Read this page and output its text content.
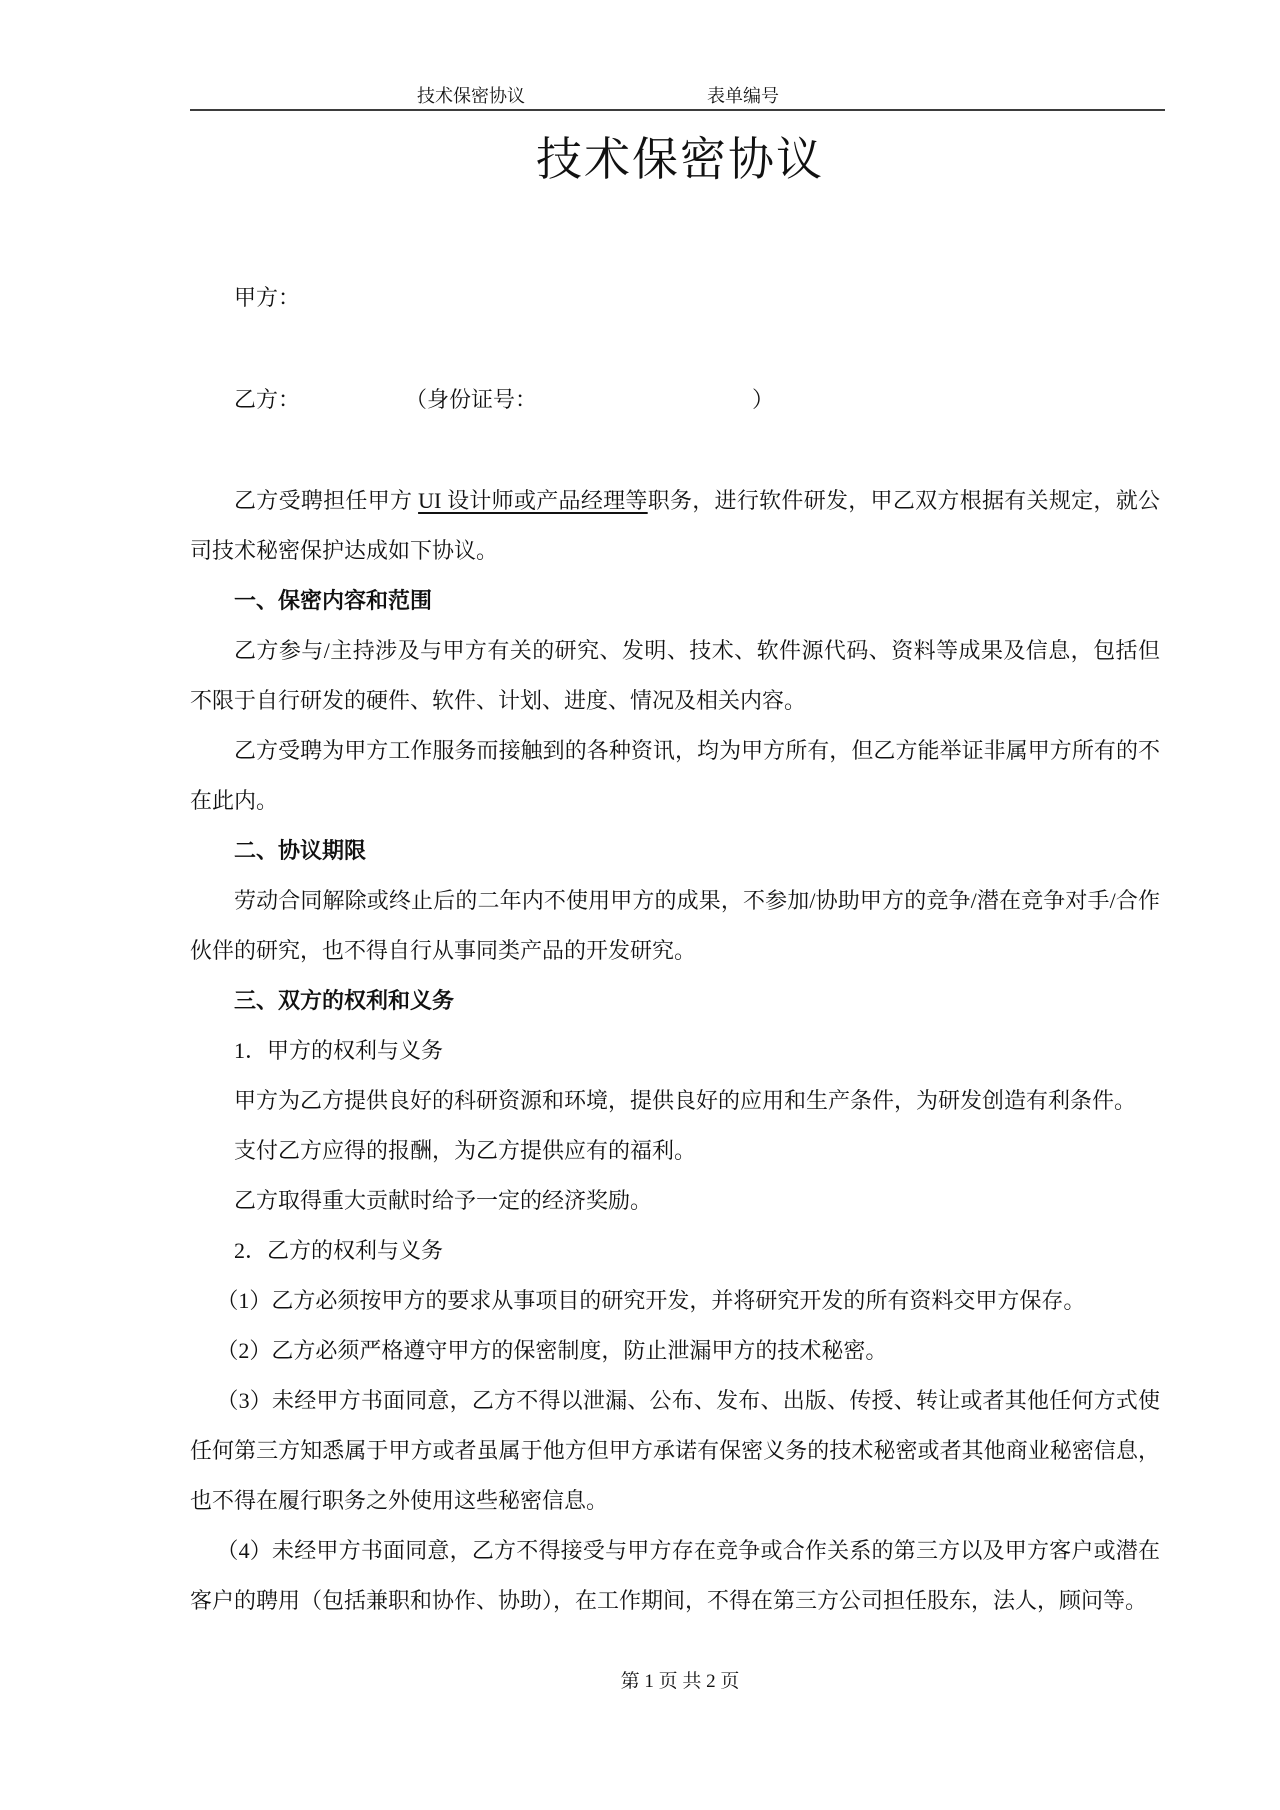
技术保密协议	表单编号
技术保密协议
甲方：
乙方：	（身份证号：	）

乙方受聘担任甲方 UI 设计师或产品经理等职务，进行软件研发，甲乙双方根据有关规定，就公司技术秘密保护达成如下协议。

一、保密内容和范围

乙方参与/主持涉及与甲方有关的研究、发明、技术、软件源代码、资料等成果及信息，包括但不限于自行研发的硬件、软件、计划、进度、情况及相关内容。

乙方受聘为甲方工作服务而接触到的各种资讯，均为甲方所有，但乙方能举证非属甲方所有的不在此内。

二、协议期限

劳动合同解除或终止后的二年内不使用甲方的成果，不参加/协助甲方的竞争/潜在竞争对手/合作伙伴的研究，也不得自行从事同类产品的开发研究。

三、双方的权利和义务

1．甲方的权利与义务

甲方为乙方提供良好的科研资源和环境，提供良好的应用和生产条件，为研发创造有利条件。

支付乙方应得的报酬，为乙方提供应有的福利。

乙方取得重大贡献时给予一定的经济奖励。

2．乙方的权利与义务

（1）乙方必须按甲方的要求从事项目的研究开发，并将研究开发的所有资料交甲方保存。

（2）乙方必须严格遵守甲方的保密制度，防止泄漏甲方的技术秘密。

（3）未经甲方书面同意，乙方不得以泄漏、公布、发布、出版、传授、转让或者其他任何方式使任何第三方知悉属于甲方或者虽属于他方但甲方承诺有保密义务的技术秘密或者其他商业秘密信息，也不得在履行职务之外使用这些秘密信息。

（4）未经甲方书面同意，乙方不得接受与甲方存在竞争或合作关系的第三方以及甲方客户或潜在客户的聘用（包括兼职和协作、协助），在工作期间，不得在第三方公司担任股东，法人，顾问等。

第 1 页 共 2 页
